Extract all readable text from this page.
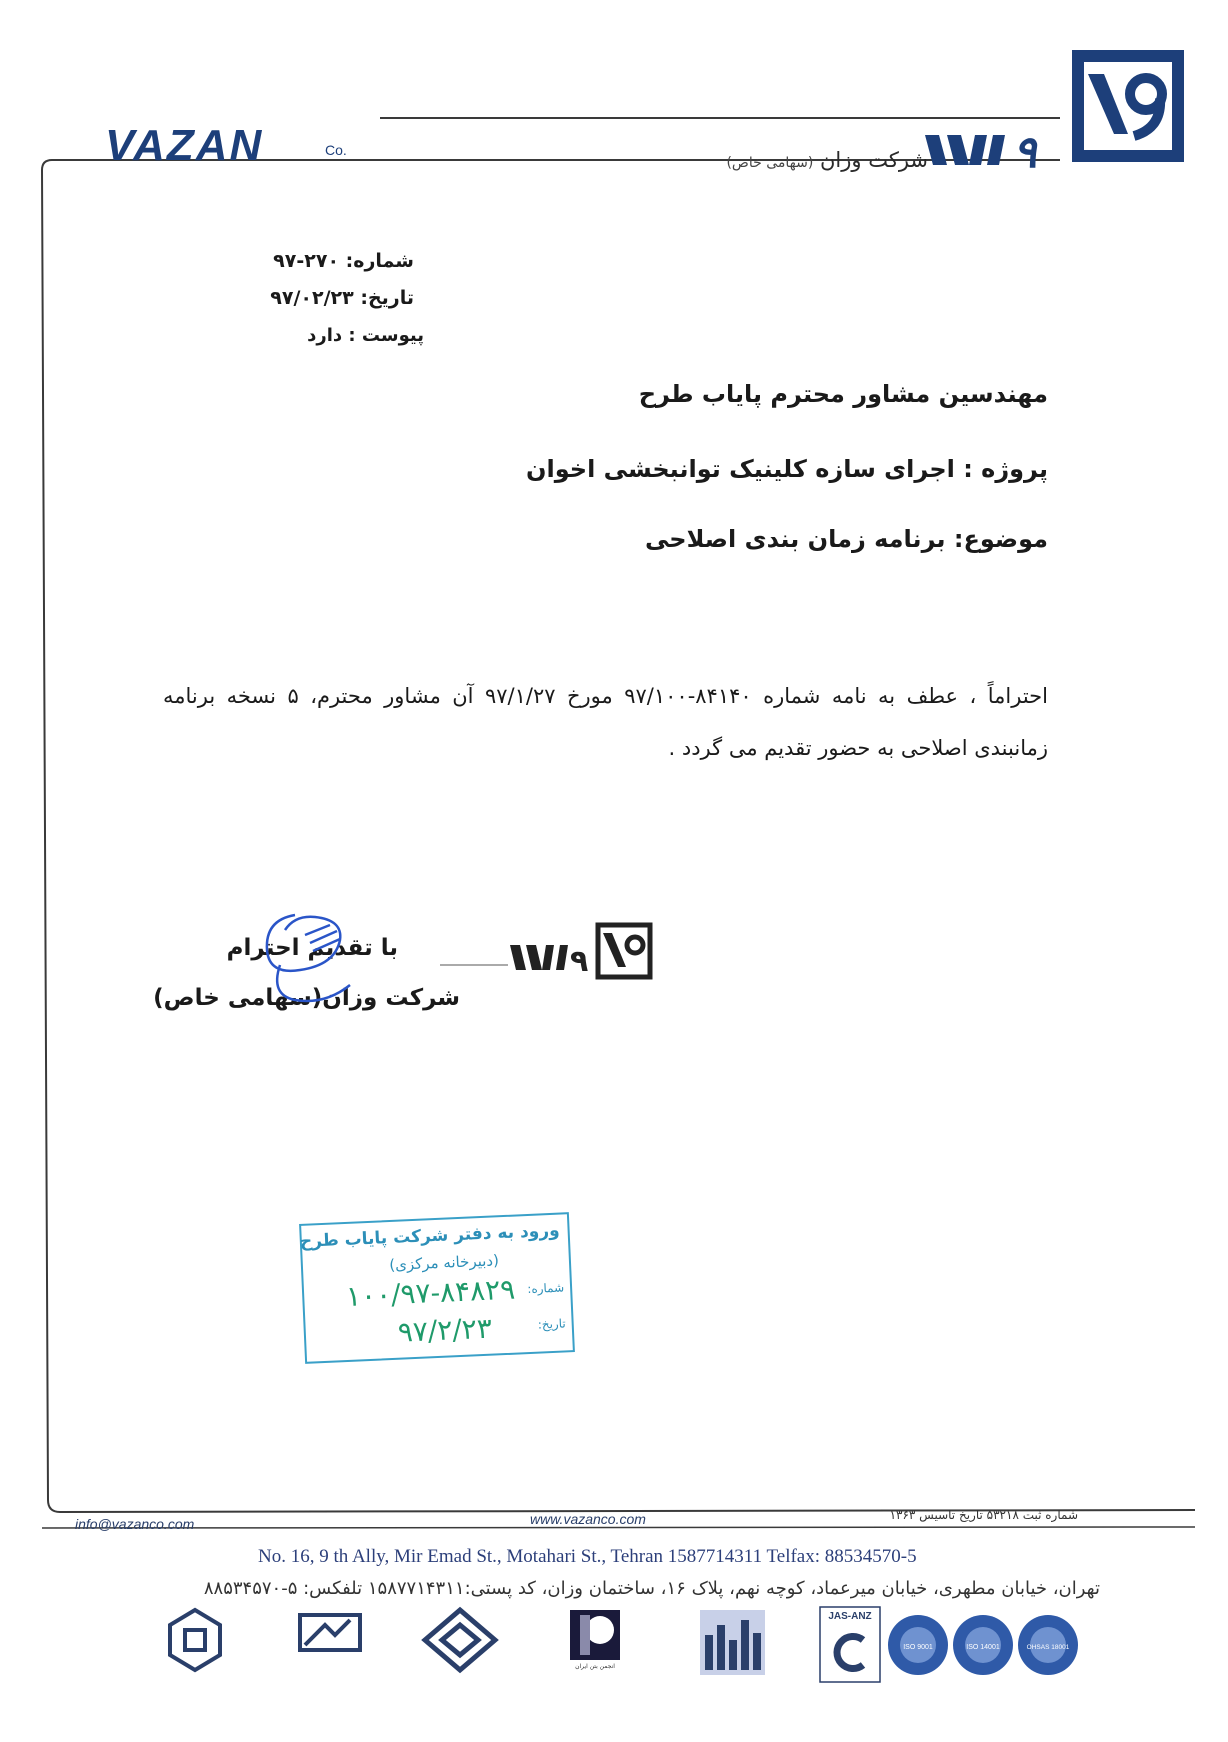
VAZAN	Co.	شرکت وزان (سهامی خاص)	۹
شماره: ۲۷۰-۹۷
تاریخ: ۹۷/۰۲/۲۳
پیوست : دارد
مهندسین مشاور محترم پایاب طرح
پروژه : اجرای سازه کلینیک توانبخشی اخوان
موضوع: برنامه زمان بندی اصلاحی
احتراماً ، عطف به نامه شماره ۸۴۱۴۰-۹۷/۱۰۰ مورخ ۹۷/۱/۲۷ آن مشاور محترم، ۵ نسخه برنامه زمانبندی اصلاحی به حضور تقدیم می گردد .
با تقدیم احترام
شرکت وزان(سهامی خاص)
۹
ورود به دفتر شرکت پایاب طرح
(دبیرخانه مرکزی)
شماره:
۱۰۰/۹۷-۸۴۸۲۹
تاریخ:
۹۷/۲/۲۳
info@vazanco.com	www.vazanco.com	شماره ثبت ۵۳۲۱۸ تاریخ تاسیس ۱۳۶۳
No. 16, 9 th Ally, Mir Emad St., Motahari St., Tehran 1587714311 Telfax: 88534570-5
تهران، خیابان مطهری، خیابان میرعماد، کوچه نهم، پلاک ۱۶، ساختمان وزان، کد پستی:۱۵۸۷۷۱۴۳۱۱ تلفکس: ۵-۸۸۵۳۴۵۷۰
انجمن بتن ایران
JAS-ANZ
ISO 9001	ISO 14001	OHSAS 18001
